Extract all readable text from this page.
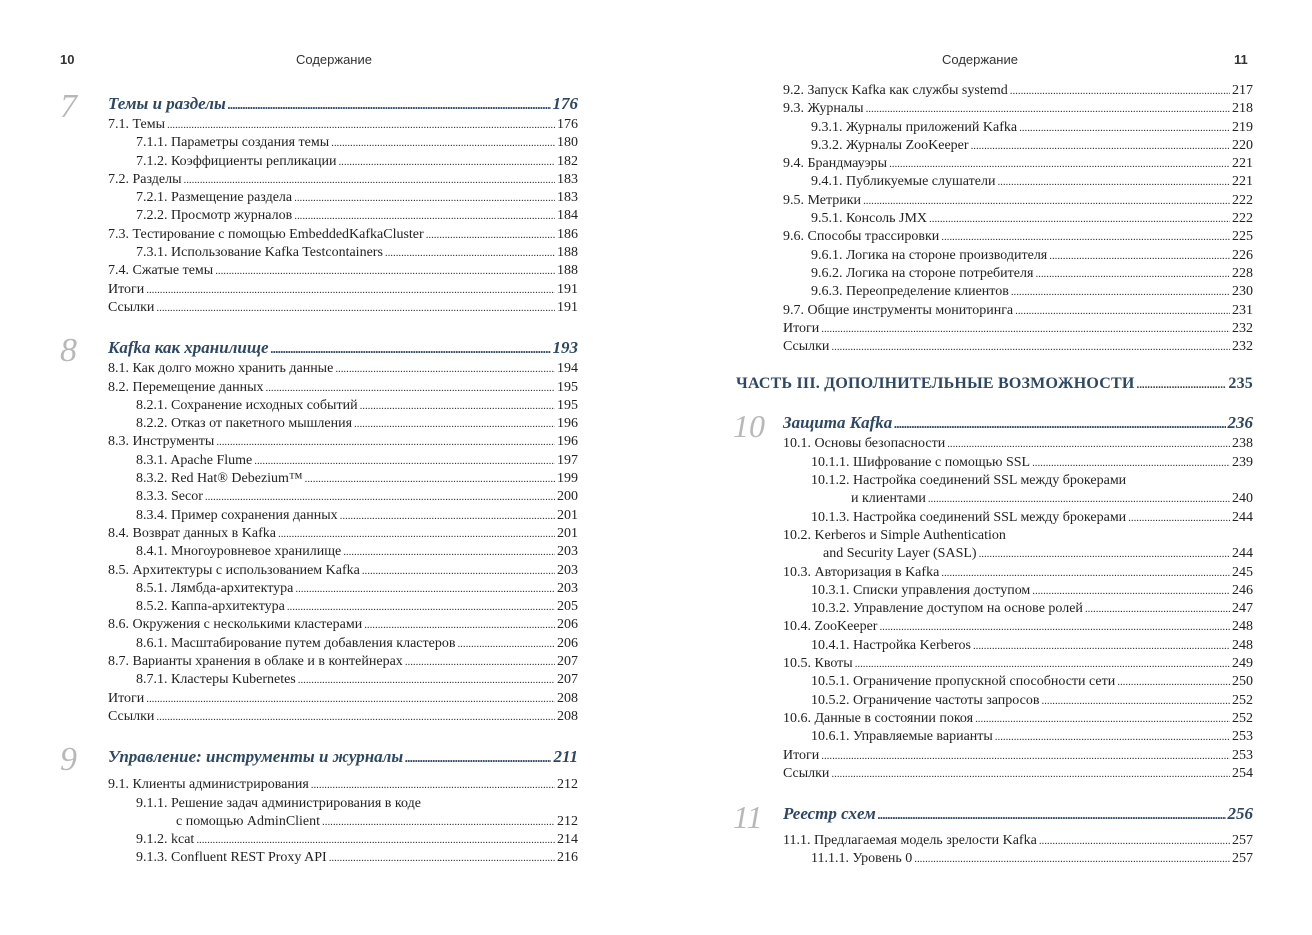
10	Содержание
7	Темы и разделы . . .	176
7.1. Темы . . .	176
7.1.1. Параметры создания темы . . .	180
7.1.2. Коэффициенты репликации . . .	182
7.2. Разделы . . .	183
7.2.1. Размещение раздела . . .	183
7.2.2. Просмотр журналов . . .	184
7.3. Тестирование с помощью EmbeddedKafkaCluster . . .	186
7.3.1. Использование Kafka Testcontainers . . .	188
7.4. Сжатые темы . . .	188
Итоги . . .	191
Ссылки . . .	191
8	Kafka как хранилище . . .	193
8.1. Как долго можно хранить данные . . .	194
8.2. Перемещение данных . . .	195
8.2.1. Сохранение исходных событий . . .	195
8.2.2. Отказ от пакетного мышления . . .	196
8.3. Инструменты . . .	196
8.3.1. Apache Flume . . .	197
8.3.2. Red Hat® Debezium™ . . .	199
8.3.3. Secor . . .	200
8.3.4. Пример сохранения данных . . .	201
8.4. Возврат данных в Kafka . . .	201
8.4.1. Многоуровневое хранилище . . .	203
8.5. Архитектуры с использованием Kafka . . .	203
8.5.1. Лямбда-архитектура . . .	203
8.5.2. Каппа-архитектура . . .	205
8.6. Окружения с несколькими кластерами . . .	206
8.6.1. Масштабирование путем добавления кластеров . . .	206
8.7. Варианты хранения в облаке и в контейнерах . . .	207
8.7.1. Кластеры Kubernetes . . .	207
Итоги . . .	208
Ссылки . . .	208
9	Управление: инструменты и журналы . . .	211
9.1. Клиенты администрирования . . .	212
9.1.1. Решение задач администрирования в коде
с помощью AdminClient . . .	212
9.1.2. kcat . . .	214
9.1.3. Confluent REST Proxy API . . .	216
Содержание	11
9.2. Запуск Kafka как службы systemd . . .	217
9.3. Журналы . . .	218
9.3.1. Журналы приложений Kafka . . .	219
9.3.2. Журналы ZooKeeper . . .	220
9.4. Брандмауэры . . .	221
9.4.1. Публикуемые слушатели . . .	221
9.5. Метрики . . .	222
9.5.1. Консоль JMX . . .	222
9.6. Способы трассировки . . .	225
9.6.1. Логика на стороне производителя . . .	226
9.6.2. Логика на стороне потребителя . . .	228
9.6.3. Переопределение клиентов . . .	230
9.7. Общие инструменты мониторинга . . .	231
Итоги . . .	232
Ссылки . . .	232
ЧАСТЬ III. ДОПОЛНИТЕЛЬНЫЕ ВОЗМОЖНОСТИ . . .	235
10 Защита Kafka . . .	236
10.1. Основы безопасности . . .	238
10.1.1. Шифрование с помощью SSL . . .	239
10.1.2. Настройка соединений SSL между брокерами
и клиентами . . .	240
10.1.3. Настройка соединений SSL между брокерами . . .	244
10.2. Kerberos и Simple Authentication
and Security Layer (SASL) . . .	244
10.3. Авторизация в Kafka . . .	245
10.3.1. Списки управления доступом . . .	246
10.3.2. Управление доступом на основе ролей . . .	247
10.4. ZooKeeper . . .	248
10.4.1. Настройка Kerberos . . .	248
10.5. Квоты . . .	249
10.5.1. Ограничение пропускной способности сети . . .	250
10.5.2. Ограничение частоты запросов . . .	252
10.6. Данные в состоянии покоя . . .	252
10.6.1. Управляемые варианты . . .	253
Итоги . . .	253
Ссылки . . .	254
11	Реестр схем . . .	256
11.1. Предлагаемая модель зрелости Kafka . . .	257
11.1.1. Уровень 0 . . .	257
